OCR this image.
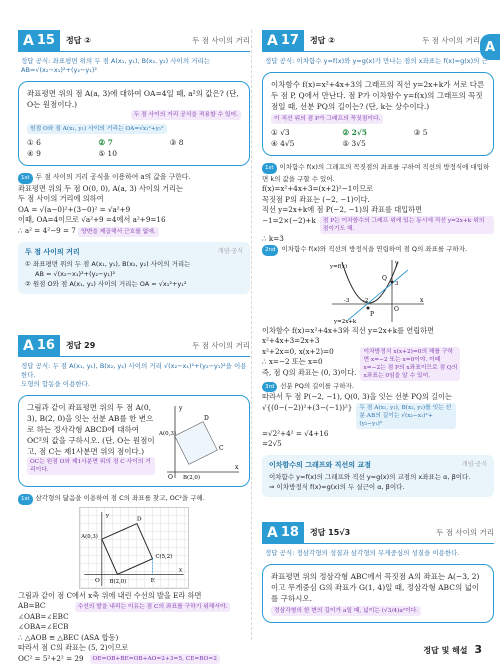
A
A 15 정답 ②	두 점 사이의 거리
정답 공식: 좌표평면 위의 두 점 A(x₁, y₁), B(x₂, y₂) 사이의 거리는 AB=√(x₂−x₁)²+(y₂−y₁)²
좌표평면 위의 점 A(a, 3)에 대하여 OA=4일 때, a²의 값은? (단, O는 원점이다.)
두 점 사이의 거리 공식을 적용할 수 있어.
원점 O와 점 A(x₁, y₁) 사이의 거리는 OA=√x₁²+y₁²
① 6	② 7	③ 8
④ 9	⑤ 10
1st 두 점 사이의 거리 공식을 이용하여 a의 값을 구한다.
좌표평면 위의 두 점 O(0, 0), A(a, 3) 사이의 거리는
두 점 사이의 거리에 의하여
OA = √(a−0)²+(3−0)² = √a²+9
이때, OA=4이므로 √a²+9 =4에서 a²+9=16
∴ a² = 4²−9 = 7 양변을 제곱해서 근호를 없애.
두 점 사이의 거리	개념·공식
① 좌표평면 위의 두 점 A(x₁, y₁), B(x₂, y₂) 사이의 거리는
AB = √(x₂−x₁)²+(y₂−y₁)²
② 원점 O와 점 A(x₁, y₁) 사이의 거리는 OA = √x₁²+y₁²
A 16 정답 29	두 점 사이의 거리
정답 공식: 두 점 A(x₁, y₁), B(x₂, y₂) 사이의 거리 √(x₂−x₁)²+(y₂−y₁)²을 이용한다.
도형의 합동을 이용한다.
그림과 같이 좌표평면 위의 두 점 A(0, 3), B(2, 0)을 잇는 선분 AB를 한 변으로 하는 정사각형 ABCD에 대하여 OC²의 값을 구하시오. (단, O는 원점이고, 점 C는 제1사분면 위의 점이다.)
OC는 원점 O와 제1사분면 위의 점 C 사이의 거리이다.
y
A(0,3)
D
C
O B(2,0)
x
1st 삼각형의 닮음을 이용하여 점 C의 좌표를 찾고, OC²을 구해.
y
A(0,3)
D
C(5,2)
O B(2,0)	E
x
그림과 같이 점 C에서 x축 위에 내린 수선의 발을 E라 하면
AB=BC
∠OAB=∠EBC
∠OBA=∠ECB
수선의 발을 내리는 이유는 점 C의 좌표를 구하기 위해서야.
∴ △AOB ≡ △BEC (ASA 합동)
따라서 점 C의 좌표는 (5, 2)이므로
OC² = 5²+2² = 29	OE=OB+BE=OB+AO=2+3=5, CE=BO=2
A 17 정답 ②	두 점 사이의 거리
정답 공식: 이차함수 y=f(x)와 y=g(x)가 만나는 점의 x좌표는 f(x)=g(x)의 근
이차함수 f(x)=x²+4x+3의 그래프의 직선 y=2x+k가 서로 다른 두 점 P, Q에서 만난다. 점 P가 이차함수 y=f(x)의 그래프의 꼭짓점일 때, 선분 PQ의 길이는? (단, k는 상수이다.)
이 직선 위의 점 P가 그래프의 꼭짓점이다.
① √3	② 2√5	③ 5
④ 4√5	⑤ 3√5
1st 이차함수 f(x)의 그래프의 꼭짓점의 좌표를 구하여 직선의 방정식에 대입하면 k의 값을 구할 수 있어.
f(x)=x²+4x+3=(x+2)²−1이므로
꼭짓점 P의 좌표는 (−2, −1)이다.
직선 y=2x+k에 점 P(−2, −1)의 좌표를 대입하면
−1=2×(−2)+k	점 P는 이차함수의 그래프 위에 있는 동시에 직선 y=2x+k 위의 점이기도 해.
∴ k=3
2nd 이차함수 f(x)와 직선의 방정식을 연립하여 점 Q의 좌표를 구하자.
y=f(x)	y
Q
3
-3 -2
O
P
x
y=2x+k
이차함수 f(x)=x²+4x+3와 직선 y=2x+k를 연립하면
x²+4x+3=2x+3
x²+2x=0, x(x+2)=0
∴ x=−2 또는 x=0
즉, 점 Q의 좌표는 (0, 3)이다.
이차방정식 x(x+2)=0의 해를 구하면 x=−2 또는 x=0이야. 이때 x=−2는 점 P의 x좌표이므로 점 Q의 x좌표는 0임을 알 수 있어.
3rd 선분 PQ의 길이를 구하자.
따라서 두 점 P(−2, −1), Q(0, 3)을 잇는 선분 PQ의 길이는
√{(0−(−2))²+(3−(−1))²}	두 점 A(x₁, y₁), B(x₂, y₂)를 잇는 선분 AB의 길이는 √(x₂−x₁)²+(y₂−y₁)²
=√2²+4² = √4+16
=2√5
이차함수의 그래프와 직선의 교점	개념·공식
이차함수 y=f(x)의 그래프와 직선 y=g(x)의 교점의 x좌표는 α, β이다.
⇒ 이차방정식 f(x)=g(x)의 두 실근이 α, β이다.
A 18 정답 15√3	두 점 사이의 거리
정답 공식: 정삼각형의 성질과 삼각형의 무게중심의 성질을 이용한다.
좌표평면 위의 정삼각형 ABC에서 꼭짓점 A의 좌표는 A(−3, 2)이고 무게중심 G의 좌표가 G(1, 4)일 때, 정삼각형 ABC의 넓이를 구하시오.
정삼각형의 한 변의 길이가 a일 때, 넓이는 (√3/4)a²이다.
정답 및 해설 3
